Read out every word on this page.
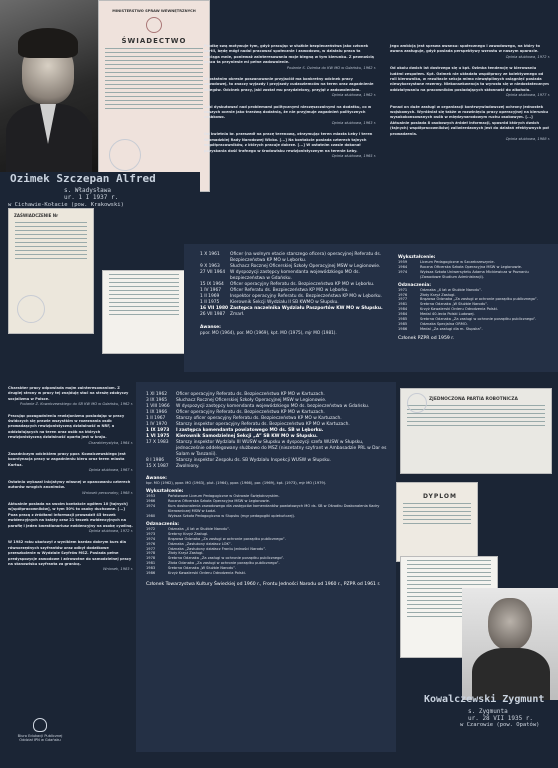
MINISTERSTWO SPRAW WEWNĘTRZNYCH
ŚWIADECTWO
Ozimek Szczepan Alfred
s. Władysława
ur. 1 I 1937 r.
w Cichawie-Kołacie (pow. Krakowski)
ZAŚWIADCZENIE Nr

Prodkę swą motywuje tym, gdyż pracując w służbie bezpieczeństwa jako członek partii, będę mógł nadal pracować społecznie i zawodowo, w działalu praca ta pociąga mnie, ponieważ zainteresowania moje biegną w tym kierunku. Z pewnością praca ta przyniesie mi pełne zadowolenie.

Podanie S. Ozimka do KW MO w Gdańsku, 1962 r.

W ostatnim okresie poszanowanie przyjaciół ma konkretny odcinek pracy zawodowej, to znaczy wyjazdy i przyjazdy cudzoziemców na teren oraz zagadnienie zbiegów. Odcinek pracy, jaki został mu przydzielony, przyjął z zadowoleniem.

Opinia służbowa, 1962 r.

Lubi dyskutować nad problemami politycznymi nieczęszczalnymi na dodatku, co w naszych ocenie jako trzeźwą dodatnią, że nie przyjmuje zagadnień politycznych czabkowo.

Opinia służbowa, 1963 r.

Od kwietnia br. przeszedł na pracę terenową, otrzymując teren miasta Łeby i teren Gromadzkiej Rady Narodowej Wicko. [...] Na kontakcie posiada czterech tajnych współpracowników, z których pracuje dobrze. [...] W ostatnim czasie dokonał pozyskania dość trafnego w środowisku rewizjonistycznym na terenie Łeby.

Opinia służbowa, 1965 r.

Jego ambicją jest sprawa awansu: społecznego i zawodowego, na który to awans zasługuje, gdyż posiada perspektywy wzrostu w naszym aparacie.

Opinia służbowa, 1972 r.

Od okolu dwóch lat dostrzega się u kpt. Ozimka tendencję w kierowaniu ludźmi zespołem. Kpt. Ozimek nie układała współpracy ze kolektywnego od roli kierownika, w rezultacie sekcja mimo niewątpliwych osiągnięć posiada niewykorzystane rezerwy. Niekonsekwencja ta wyrosła się w niedostatecznym oddziaływaniu na pracowników posiadających skłonność do alkoholu.

Opinia służbowa, 1977 r.

Ponad on duże zasługi w organizacji kontrwywiadowczej ochrony jednostek wojskowych. Wyróżniał się także w rozwinięciu pracy operacyjnej na kierunku wysokokonsowanych osób w międzynarodowym ruchu osobowym. [...] Aktualnie posiada 8 osobowych źródeł informacji, sposród których dwóch (tajnych) współpracowników) zaliwierdzonych jest do działań efektywnych poł prowadzenia.

Opinia służbowa, 1988 r.

1 X 1961	Oficer (na wolnym etacie starszego oficera) operacyjnej Referatu ds. Bezpieczeństwa KP MO w Lęborku.
9 X 1963	Słuchacz Rocznej Oficerskiej Szkoły Operacyjnej MSW w Legionowie.
27 VII 1964	W dyspozycji zastępcy komendanta wojewódzkiego MO ds. bezpieczeństwa w Gdańsku.
15 IX 1964	Oficer operacyjny Referatu ds. Bezpieczeństwa KP MO w Lęborku.
1 IV 1967	Oficer Referatu ds. Bezpieczeństwa KP MO w Lęborku.
1 II 1969	Inspektor operacyjny Referatu ds. Bezpieczeństwa KP MO w Lęborku.
1 II 1975	Kierownik Sekcji Wydziału II SB KWMO w Słupsku.
16 VII 1980 Zastępca naczelnika Wydziału Paszportów KW MO w Słupsku.
26 VII 1987	Zmarł.
Awanse:
ppor. MO (1964), por. MO (1969), kpt. MO (1975), mjr MO (1981).
Wykształcenie:
1959	Liceum Pedagogiczne w Szczebrzeszynie.
1964	Roczna Oficerska Szkoła Operacyjna MSW w Legionowie.
1974	Wyższa Szkoła Uniwersytetu Adama Mickiewicza w Poznaniu (Zawodowe Studium Administracji).
Odznaczenia:
1971	Odznaka „X lat w Służbie Narodu”.
1976	Złoty Krzyż Zasługi.
1977	Brązowa Odznaka „Za zasługi w ochronie porządku publicznego”.
1981	Srebrna Odznaka „W Służbie Narodu”.
1984	Krzyż Kawalerski Orderu Odrodzenia Polski.
1984	Medal 40-lecia Polski Ludowej.
1985	Srebrna Odznaka „Za zasługi w ochronie porządku publicznego”.
1985	Odznaka Specjalna ORMO.
1986	Medal „Za zasługi dla m. Słupska”.
Członek PZPR od 1959 r.

Charakter pracy odpowiada mojm zainteresowaniom. Z drugiej strony w pracy tej znajduję stać na strażę zdobyczy socjalizmu w Polsce.

Podanie Z. Kowalczewskiego do SB KW MO w Gdańsku, 1962 r.

Pracując pozagadnieniu rewizjonizmu posiadając w pracy świdczych się prawie wszystkim w rozeznania osób prowadzących rewizjonistyczną działalność w NRF, a oddziałujących na teren oraz osób na których rewizjonistyczną działalność oparta jest w kraju.

Charakterystyka, 1964 r.

Zasadniczym odcinkiem pracy ppor. Kowalczewskiego jest koordynacja pracy w zagadnieniu kleru oraz teren miasta Kartuz.

Opinia służbowa, 1967 r.

Ostatnio wykazał inicjatywy własnej w opanowaniu czterech autorów wrogich anonimów.

Wniosek personalny, 1968 r.

Aktualnie posiada na swoim kontakcie ogółem 10 [tajnych] w[spółpracowników], w tym 50% to osoby duchowne. [...] Poza pracą z źródłami informacji prowadził 45 teczek ewidencyjnych na księży oraz 21 teczek ewidencyjnych na parafię i jeden kwestionariusz ewidencyjny na osobę cywilną.

Opinia służbowa, 1972 r.

W 1982 roku ukończył z wynikiem bardzo dobrym kurs dla równorzędnych szyfrantów oraz odbył dodatkowe przeszkolenie w Wydziale Szyfrów MSZ. Posiada pełne predyspozycje zawodowe i zdrowotne do samodzielnej pracy na stanowisku szyfranta za granicą.

Wniosek, 1983 r.

1 XI 1962	Oficer operacyjny Referatu ds. Bezpieczeństwa KP MO w Kartuzach.
3 IX 1965	Słuchacz Rocznej Oficerskiej Szkoły Operacyjnej MSW w Legionowie.
1 VIII 1966	W dyspozycji zastępcy komendanta wojewódzkiego MO ds. bezpieczeństwa w Gdańsku.
1 IX 1966	Oficer operacyjny Referatu ds. Bezpieczeństwa KP MO w Kartuzach.
1 II 1967	Starszy oficer operacyjny Referatu ds. Bezpieczeństwa KP MO w Kartuzach.
1 IV 1970	Starszy inspektor operacyjny Referatu ds. Bezpieczeństwa KP MO w Kartuzach.
1 IX 1973	I zastępca komendanta powiatowego MO ds. SB w Lęborku.
1 VI 1975	Kierownik Samodzielnej Sekcji „A” SB KW MO w Słupsku.
17 X 1983	Starszy inspektor Wydziału III WUSW w Słupsku w dyspozycji szefa WUSW w Słupsku, jednocześnie oddelegowany służbowo do MSZ (niezetatny szyfrant w Ambasadzie PRL w Dar es Salam w Tanzanii).
8 I 1986	Starszy inspektor Zespołu ds. SB Wydziału Inspekcji WUSW w Słupsku.
15 X 1987	Zwolniony.
Awanse:
kpr. MO (1962), ppor. MO (1963), plut. (1964), ppor. (1966), por. (1969), kpt. (1973), mjr MO (1979).
Wykształcenie:
1953	Państwowe Liceum Pedagogiczne w Ostrowie Świętokrzyskim.
1966	Roczna Oficerska Szkoła Operacyjna MSW w Legionowie.
1974	Kurs doskonalenia zawodowego dla zastępców komendantów powiatowych MO ds. SB w Ośrodku Doskonalenia Kadry Kierowniczej MSW w Łodzi.
1980	Wyższa Szkoła Pedagogiczna w Słupsku (mgr pedagogiki opiekuńczej).
Odznaczenia:
1972	Odznaka „X lat w Służbie Narodu”.
1973	Srebrny Krzyż Zasługi.
1974	Brązowa Odznaka „Za zasługi w ochronie porządku publicznego”.
1976	Odznaka „Zasłużony działacz LOK”.
1977	Odznaka „Zasłużony działacz Frontu Jedności Narodu”.
1978	Złoty Krzyż Zasługi.
1978	Srebrna Odznaka „Za zasługi w ochronie porządku publicznego”.
1981	Złota Odznaka „Za zasługi w ochronie porządku publicznego”.
1983	Srebrna Odznaka „W Służbie Narodu”.
1986	Krzyż Kawalerski Orderu Odrodzenia Polski.
Członek Towarzystwa Kultury Świeckiej od 1960 r., Frontu Jedności Narodu od 1960 r., PZPR od 1961 r.
ZJEDNOCZONA PARTIA ROBOTNICZA
DYPLOM
Kowalczewski Zygmunt
s. Zygmunta
ur. 28 VII 1935 r.
w Czarowie (pow. Opatów)
Biuro Edukacji Publicznej
Oddział IPN w Gdańsku
